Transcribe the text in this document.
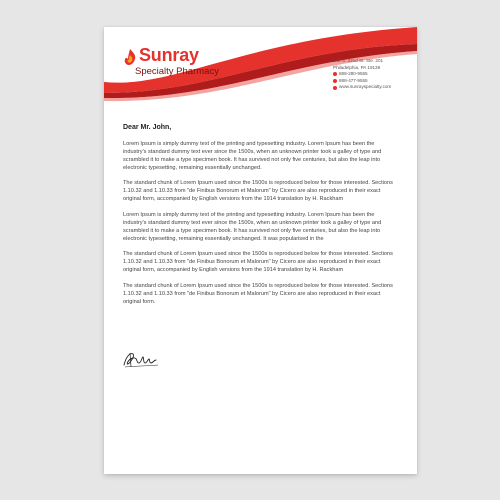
Sunray
Specialty Pharmacy
142 S. 32nd St. Ste. 201
Philadelphia, PA 19139
888-280-9555
888-477-9555
www.sunrayspecialty.com
Dear Mr. John,

Lorem Ipsum is simply dummy text of the printing and typesetting industry. Lorem Ipsum has been the industry's standard dummy text ever since the 1500s, when an unknown printer took a galley of type and scrambled it to make a type specimen book. It has survived not only five centuries, but also the leap into electronic typesetting, remaining essentially unchanged.

The standard chunk of Lorem Ipsum used since the 1500s is reproduced below for those interested. Sections 1.10.32 and 1.10.33 from "de Finibus Bonorum et Malorum" by Cicero are also reproduced in their exact original form, accompanied by English versions from the 1914 translation by H. Rackham

Lorem Ipsum is simply dummy text of the printing and typesetting industry. Lorem Ipsum has been the industry's standard dummy text ever since the 1500s, when an unknown printer took a galley of type and scrambled it to make a type specimen book. It has survived not only five centuries, but also the leap into electronic typesetting, remaining essentially unchanged. It was popularised in the

The standard chunk of Lorem Ipsum used since the 1500s is reproduced below for those interested. Sections 1.10.32 and 1.10.33 from "de Finibus Bonorum et Malorum" by Cicero are also reproduced in their exact original form, accompanied by English versions from the 1914 translation by H. Rackham

The standard chunk of Lorem Ipsum used since the 1500s is reproduced below for those interested. Sections 1.10.32 and 1.10.33 from "de Finibus Bonorum et Malorum" by Cicero are also reproduced in their exact original form.
